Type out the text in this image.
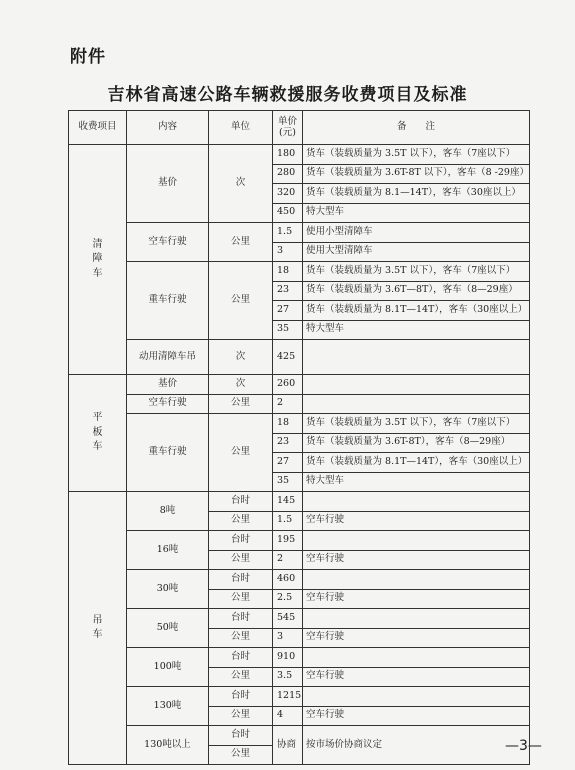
附件
吉林省高速公路车辆救援服务收费项目及标准
收费项目	内容	单位	单价(元)	备　　注
清障车	基价	次	180	货车（装载质量为 3.5T 以下），客车（7座以下）
			280	货车（装载质量为 3.6T-8T 以下），客车（8 -29座）
			320	货车（装载质量为 8.1—14T），客车（30座以上）
			450	特大型车
	空车行驶	公里	1.5	使用小型清障车
			3	使用大型清障车
	重车行驶	公里	18	货车（装载质量为 3.5T 以下），客车（7座以下）
			23	货车（装载质量为 3.6T—8T），客车（8—29座）
			27	货车（装载质量为 8.1T—14T），客车（30座以上）
			35	特大型车
	动用清障车吊	次	425	
平板车	基价	次	260	
	空车行驶	公里	2	
	重车行驶	公里	18	货车（装载质量为 3.5T 以下），客车（7座以下）
			23	货车（装载质量为 3.6T-8T），客车（8—29座）
			27	货车（装载质量为 8.1T—14T），客车（30座以上）
			35	特大型车
吊车	8吨	台时	145	
		公里	1.5	空车行驶
	16吨	台时	195	
		公里	2	空车行驶
	30吨	台时	460	
		公里	2.5	空车行驶
	50吨	台时	545	
		公里	3	空车行驶
	100吨	台时	910	
		公里	3.5	空车行驶
	130吨	台时	1215	
		公里	4	空车行驶
	130吨以上	台时	协商	按市场价协商议定
		公里			—3—
